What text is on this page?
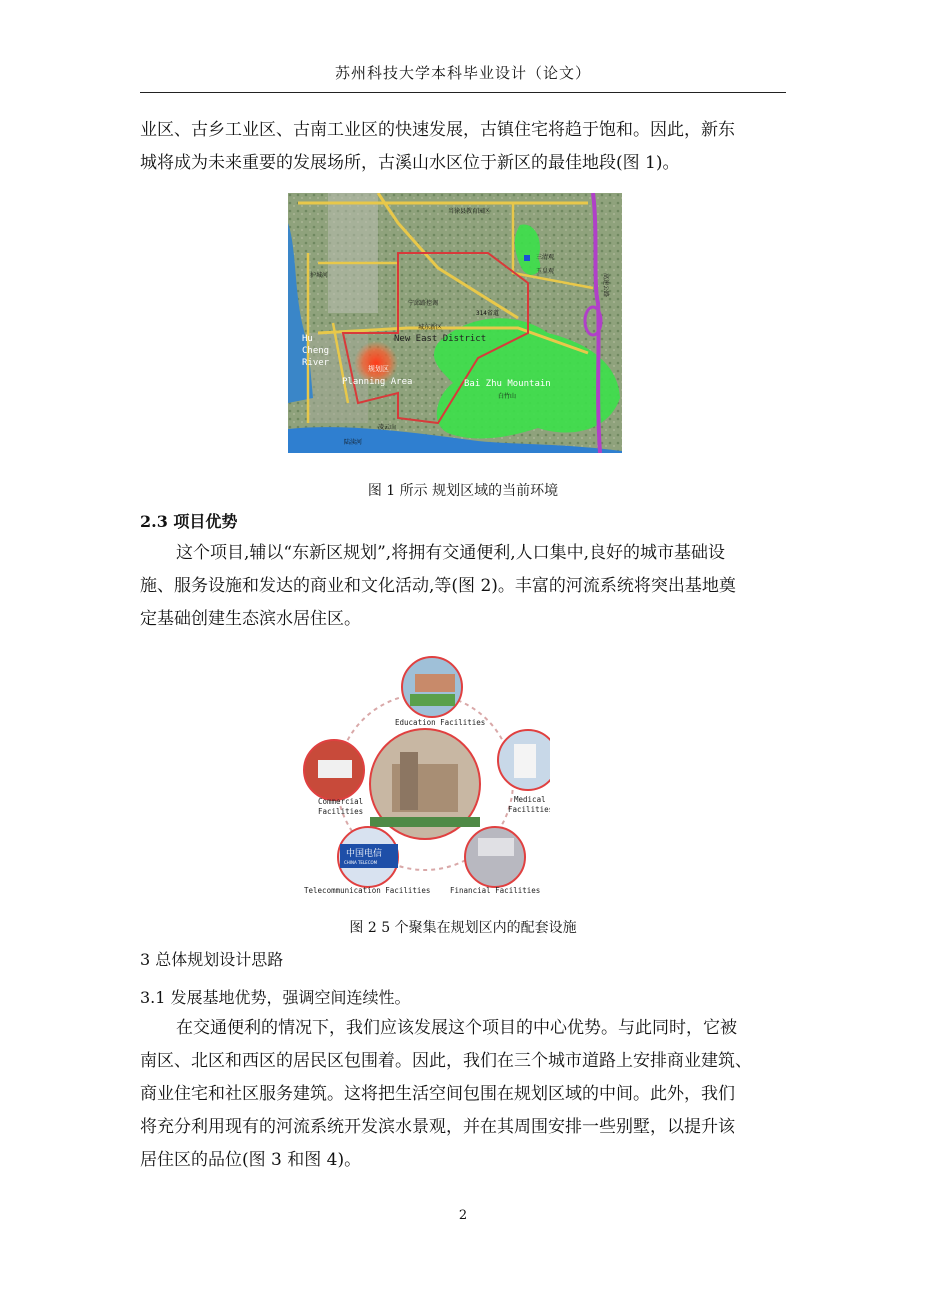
苏州科技大学本科毕业设计（论文）
业区、古乡工业区、古南工业区的快速发展，古镇住宅将趋于饱和。因此，新东
城将成为未来重要的发展场所，古溪山水区位于新区的最佳地段(图 1)。
当徐县教育园区
三清观
玉皇观
护城河
宁邱路控调
314省道
城东新区
凌云山
陆渎河
白竹山
高速公路
Hu
Cheng
River
规划区
Planning Area	Bai Zhu Mountain
New East District
图 1 所示 规划区域的当前环境
2.3 项目优势
这个项目,辅以“东新区规划”,将拥有交通便利,人口集中,良好的城市基础设
施、服务设施和发达的商业和文化活动,等(图 2)。丰富的河流系统将突出基地奠
定基础创建生态滨水居住区。
中国电信
CHINA TELECOM
Education Facilities
Commercial
Facilities
Medical
Facilities
Telecommunication Facilities	Financial Facilities
图 2 5 个聚集在规划区内的配套设施
3 总体规划设计思路
3.1 发展基地优势，强调空间连续性。
在交通便利的情况下，我们应该发展这个项目的中心优势。与此同时，它被
南区、北区和西区的居民区包围着。因此，我们在三个城市道路上安排商业建筑、
商业住宅和社区服务建筑。这将把生活空间包围在规划区域的中间。此外，我们
将充分利用现有的河流系统开发滨水景观，并在其周围安排一些别墅，以提升该
居住区的品位(图 3 和图 4)。
2
